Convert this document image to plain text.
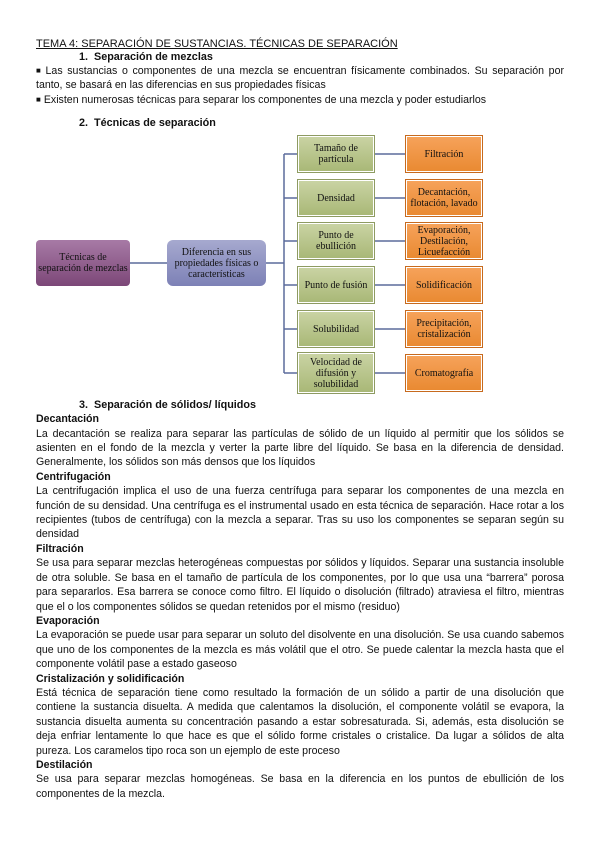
TEMA 4: SEPARACIÓN DE SUSTANCIAS. TÉCNICAS DE SEPARACIÓN
1. Separación de mezclas

■ Las sustancias o componentes de una mezcla se encuentran físicamente combinados. Su separación por tanto, se basará en las diferencias en sus propiedades físicas

■ Existen numerosas técnicas para separar los componentes de una mezcla y poder estudiarlos

2. Técnicas de separación
Técnicas de separación de mezclas
Diferencia en sus propiedades físicas o características
Tamaño de partícula
Densidad
Punto de ebullición
Punto de fusión
Solubilidad
Velocidad de difusión y solubilidad
Filtración
Decantación, flotación, lavado
Evaporación, Destilación, Licuefacción
Solidificación
Precipitación, cristalización
Cromatografía
3. Separación de sólidos/ líquidos
Decantación

La decantación se realiza para separar las partículas de sólido de un líquido al permitir que los sólidos se asienten en el fondo de la mezcla y verter la parte libre del líquido. Se basa en la diferencia de densidad. Generalmente, los sólidos son más densos que los líquidos

Centrifugación

La centrifugación implica el uso de una fuerza centrífuga para separar los componentes de una mezcla en función de su densidad. Una centrífuga es el instrumental usado en esta técnica de separación. Hace rotar a los recipientes (tubos de centrífuga) con la mezcla a separar. Tras su uso los componentes se separan según su densidad

Filtración

Se usa para separar mezclas heterogéneas compuestas por sólidos y líquidos. Separar una sustancia insoluble de otra soluble. Se basa en el tamaño de partícula de los componentes, por lo que usa una “barrera” porosa para separarlos. Esa barrera se conoce como filtro. El líquido o disolución (filtrado) atraviesa el filtro, mientras que el o los componentes sólidos se quedan retenidos por el mismo (residuo)

Evaporación

La evaporación se puede usar para separar un soluto del disolvente en una disolución. Se usa cuando sabemos que uno de los componentes de la mezcla es más volátil que el otro. Se puede calentar la mezcla hasta que el componente volátil pase a estado gaseoso

Cristalización y solidificación

Está técnica de separación tiene como resultado la formación de un sólido a partir de una disolución que contiene la sustancia disuelta. A medida que calentamos la disolución, el componente volátil se evapora, la sustancia disuelta aumenta su concentración pasando a estar sobresaturada. Si, además, esta disolución se deja enfriar lentamente lo que hace es que el sólido forme cristales o cristalice. Da lugar a sólidos de alta pureza. Los caramelos tipo roca son un ejemplo de este proceso

Destilación

Se usa para separar mezclas homogéneas. Se basa en la diferencia en los puntos de ebullición de los componentes de la mezcla.
